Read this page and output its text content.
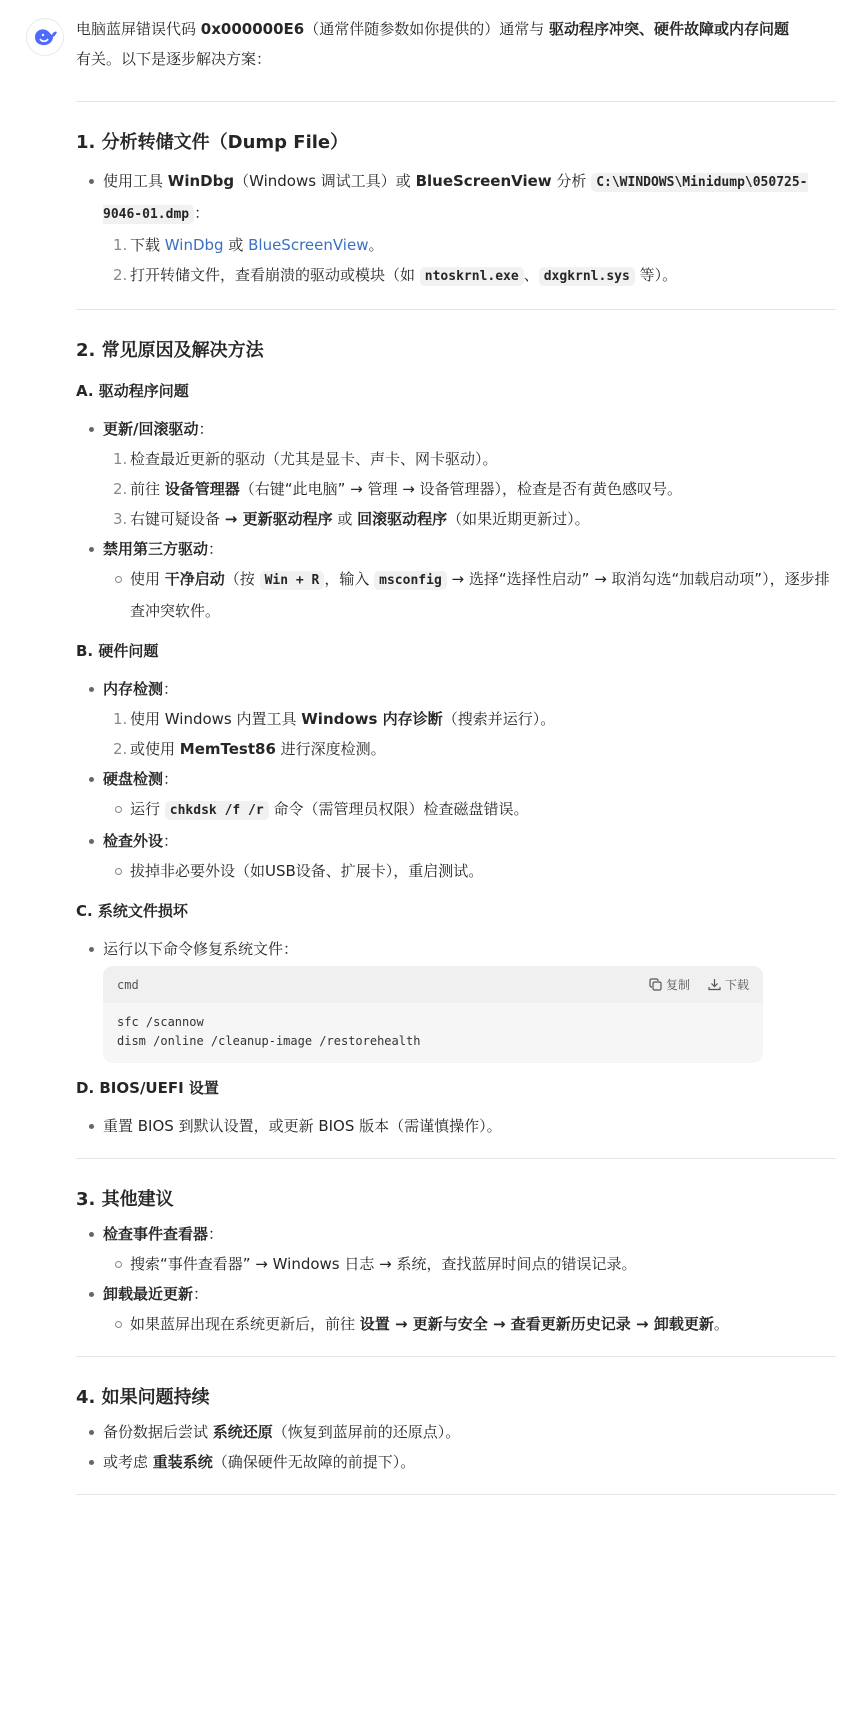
电脑蓝屏错误代码 0x000000E6（通常伴随参数如你提供的）通常与 驱动程序冲突、硬件故障或内存问题
有关。以下是逐步解决方案：

1. 分析转储文件（Dump File）
使用工具 WinDbg（Windows 调试工具）或 BlueScreenView 分析 C:\WINDOWS\Minidump\050725-9046-01.dmp ：
1. 下载 WinDbg 或 BlueScreenView。
2. 打开转储文件，查看崩溃的驱动或模块（如 ntoskrnl.exe 、 dxgkrnl.sys 等）。
2. 常见原因及解决方法
A. 驱动程序问题
更新/回滚驱动：
1. 检查最近更新的驱动（尤其是显卡、声卡、网卡驱动）。
2. 前往 设备管理器（右键“此电脑” → 管理 → 设备管理器），检查是否有黄色感叹号。
3. 右键可疑设备 → 更新驱动程序 或 回滚驱动程序（如果近期更新过）。
禁用第三方驱动：
使用 干净启动（按 Win + R ，输入 msconfig → 选择“选择性启动” → 取消勾选“加载启动项”），逐步排查冲突软件。
B. 硬件问题
内存检测：
1. 使用 Windows 内置工具 Windows 内存诊断（搜索并运行）。
2. 或使用 MemTest86 进行深度检测。
硬盘检测：
运行 chkdsk /f /r 命令（需管理员权限）检查磁盘错误。
检查外设：
拔掉非必要外设（如USB设备、扩展卡），重启测试。
C. 系统文件损坏
运行以下命令修复系统文件：
cmd	复制	下载
sfc /scannow
dism /online /cleanup-image /restorehealth
D. BIOS/UEFI 设置
重置 BIOS 到默认设置，或更新 BIOS 版本（需谨慎操作）。
3. 其他建议
检查事件查看器：
搜索“事件查看器” → Windows 日志 → 系统，查找蓝屏时间点的错误记录。
卸载最近更新：
如果蓝屏出现在系统更新后，前往 设置 → 更新与安全 → 查看更新历史记录 → 卸载更新。
4. 如果问题持续
备份数据后尝试 系统还原（恢复到蓝屏前的还原点）。
或考虑 重装系统（确保硬件无故障的前提下）。
